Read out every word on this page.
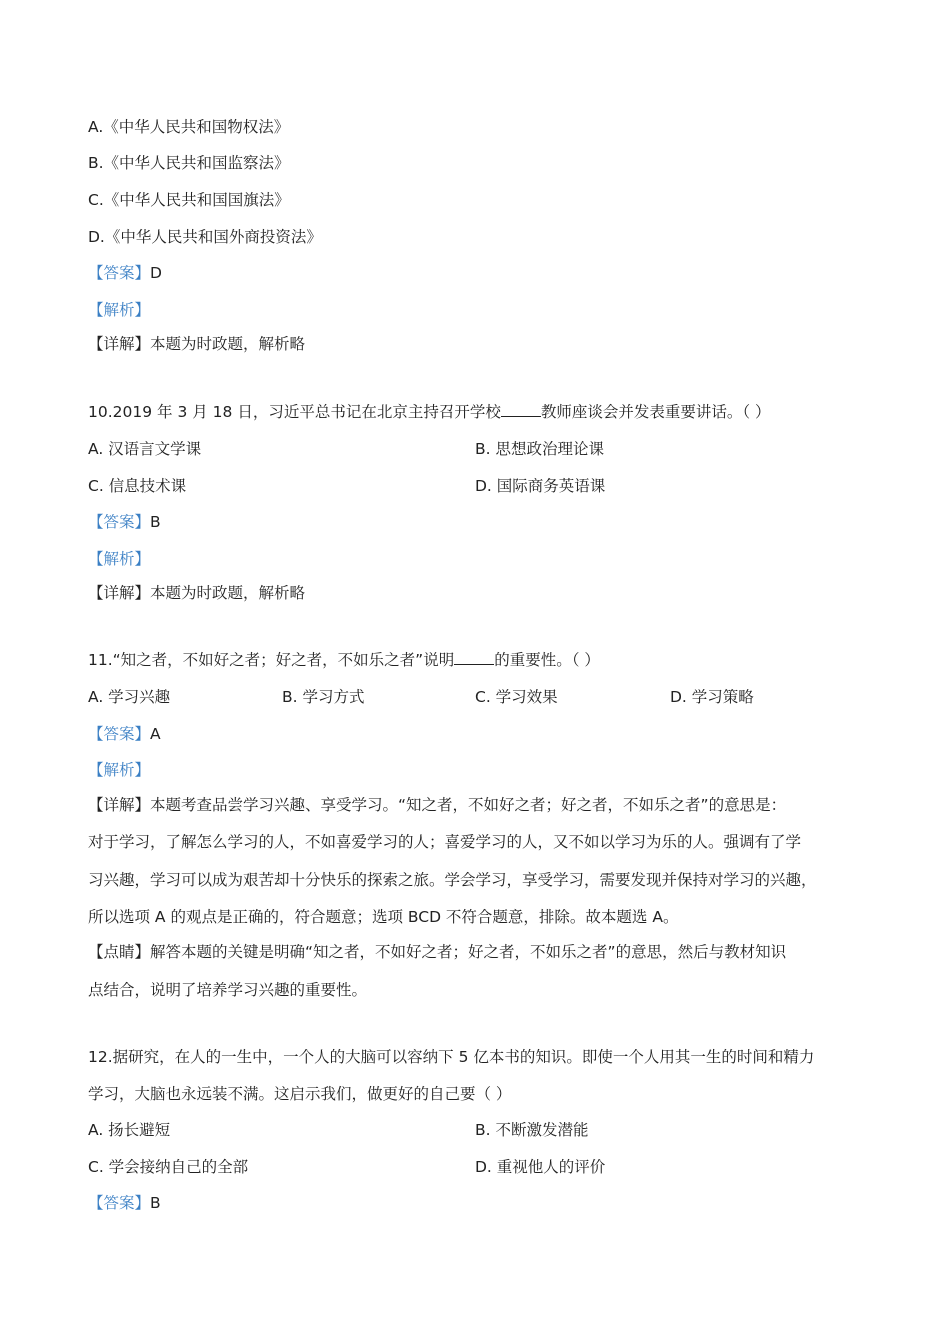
A.《中华人民共和国物权法》
B.《中华人民共和国监察法》
C.《中华人民共和国国旗法》
D.《中华人民共和国外商投资法》
【答案】D
【解析】
【详解】本题为时政题，解析略
10.2019 年 3 月 18 日，习近平总书记在北京主持召开学校	教师座谈会并发表重要讲话。（ ）
A. 汉语言文学课	B. 思想政治理论课
C. 信息技术课	D. 国际商务英语课
【答案】B
【解析】
【详解】本题为时政题，解析略
11.“知之者，不如好之者；好之者，不如乐之者”说明	的重要性。（ ）
A. 学习兴趣	B. 学习方式	C. 学习效果	D. 学习策略
【答案】A
【解析】
【详解】本题考查品尝学习兴趣、享受学习。“知之者，不如好之者；好之者，不如乐之者”的意思是：
对于学习，了解怎么学习的人，不如喜爱学习的人；喜爱学习的人，又不如以学习为乐的人。强调有了学
习兴趣，学习可以成为艰苦却十分快乐的探索之旅。学会学习，享受学习，需要发现并保持对学习的兴趣，
所以选项 A 的观点是正确的，符合题意；选项 BCD 不符合题意，排除。故本题选 A。
【点睛】解答本题的关键是明确“知之者，不如好之者；好之者，不如乐之者”的意思，然后与教材知识
点结合，说明了培养学习兴趣的重要性。
12.据研究，在人的一生中，一个人的大脑可以容纳下 5 亿本书的知识。即使一个人用其一生的时间和精力
学习，大脑也永远装不满。这启示我们，做更好的自己要（ ）
A. 扬长避短	B. 不断激发潜能
C. 学会接纳自己的全部	D. 重视他人的评价
【答案】B
